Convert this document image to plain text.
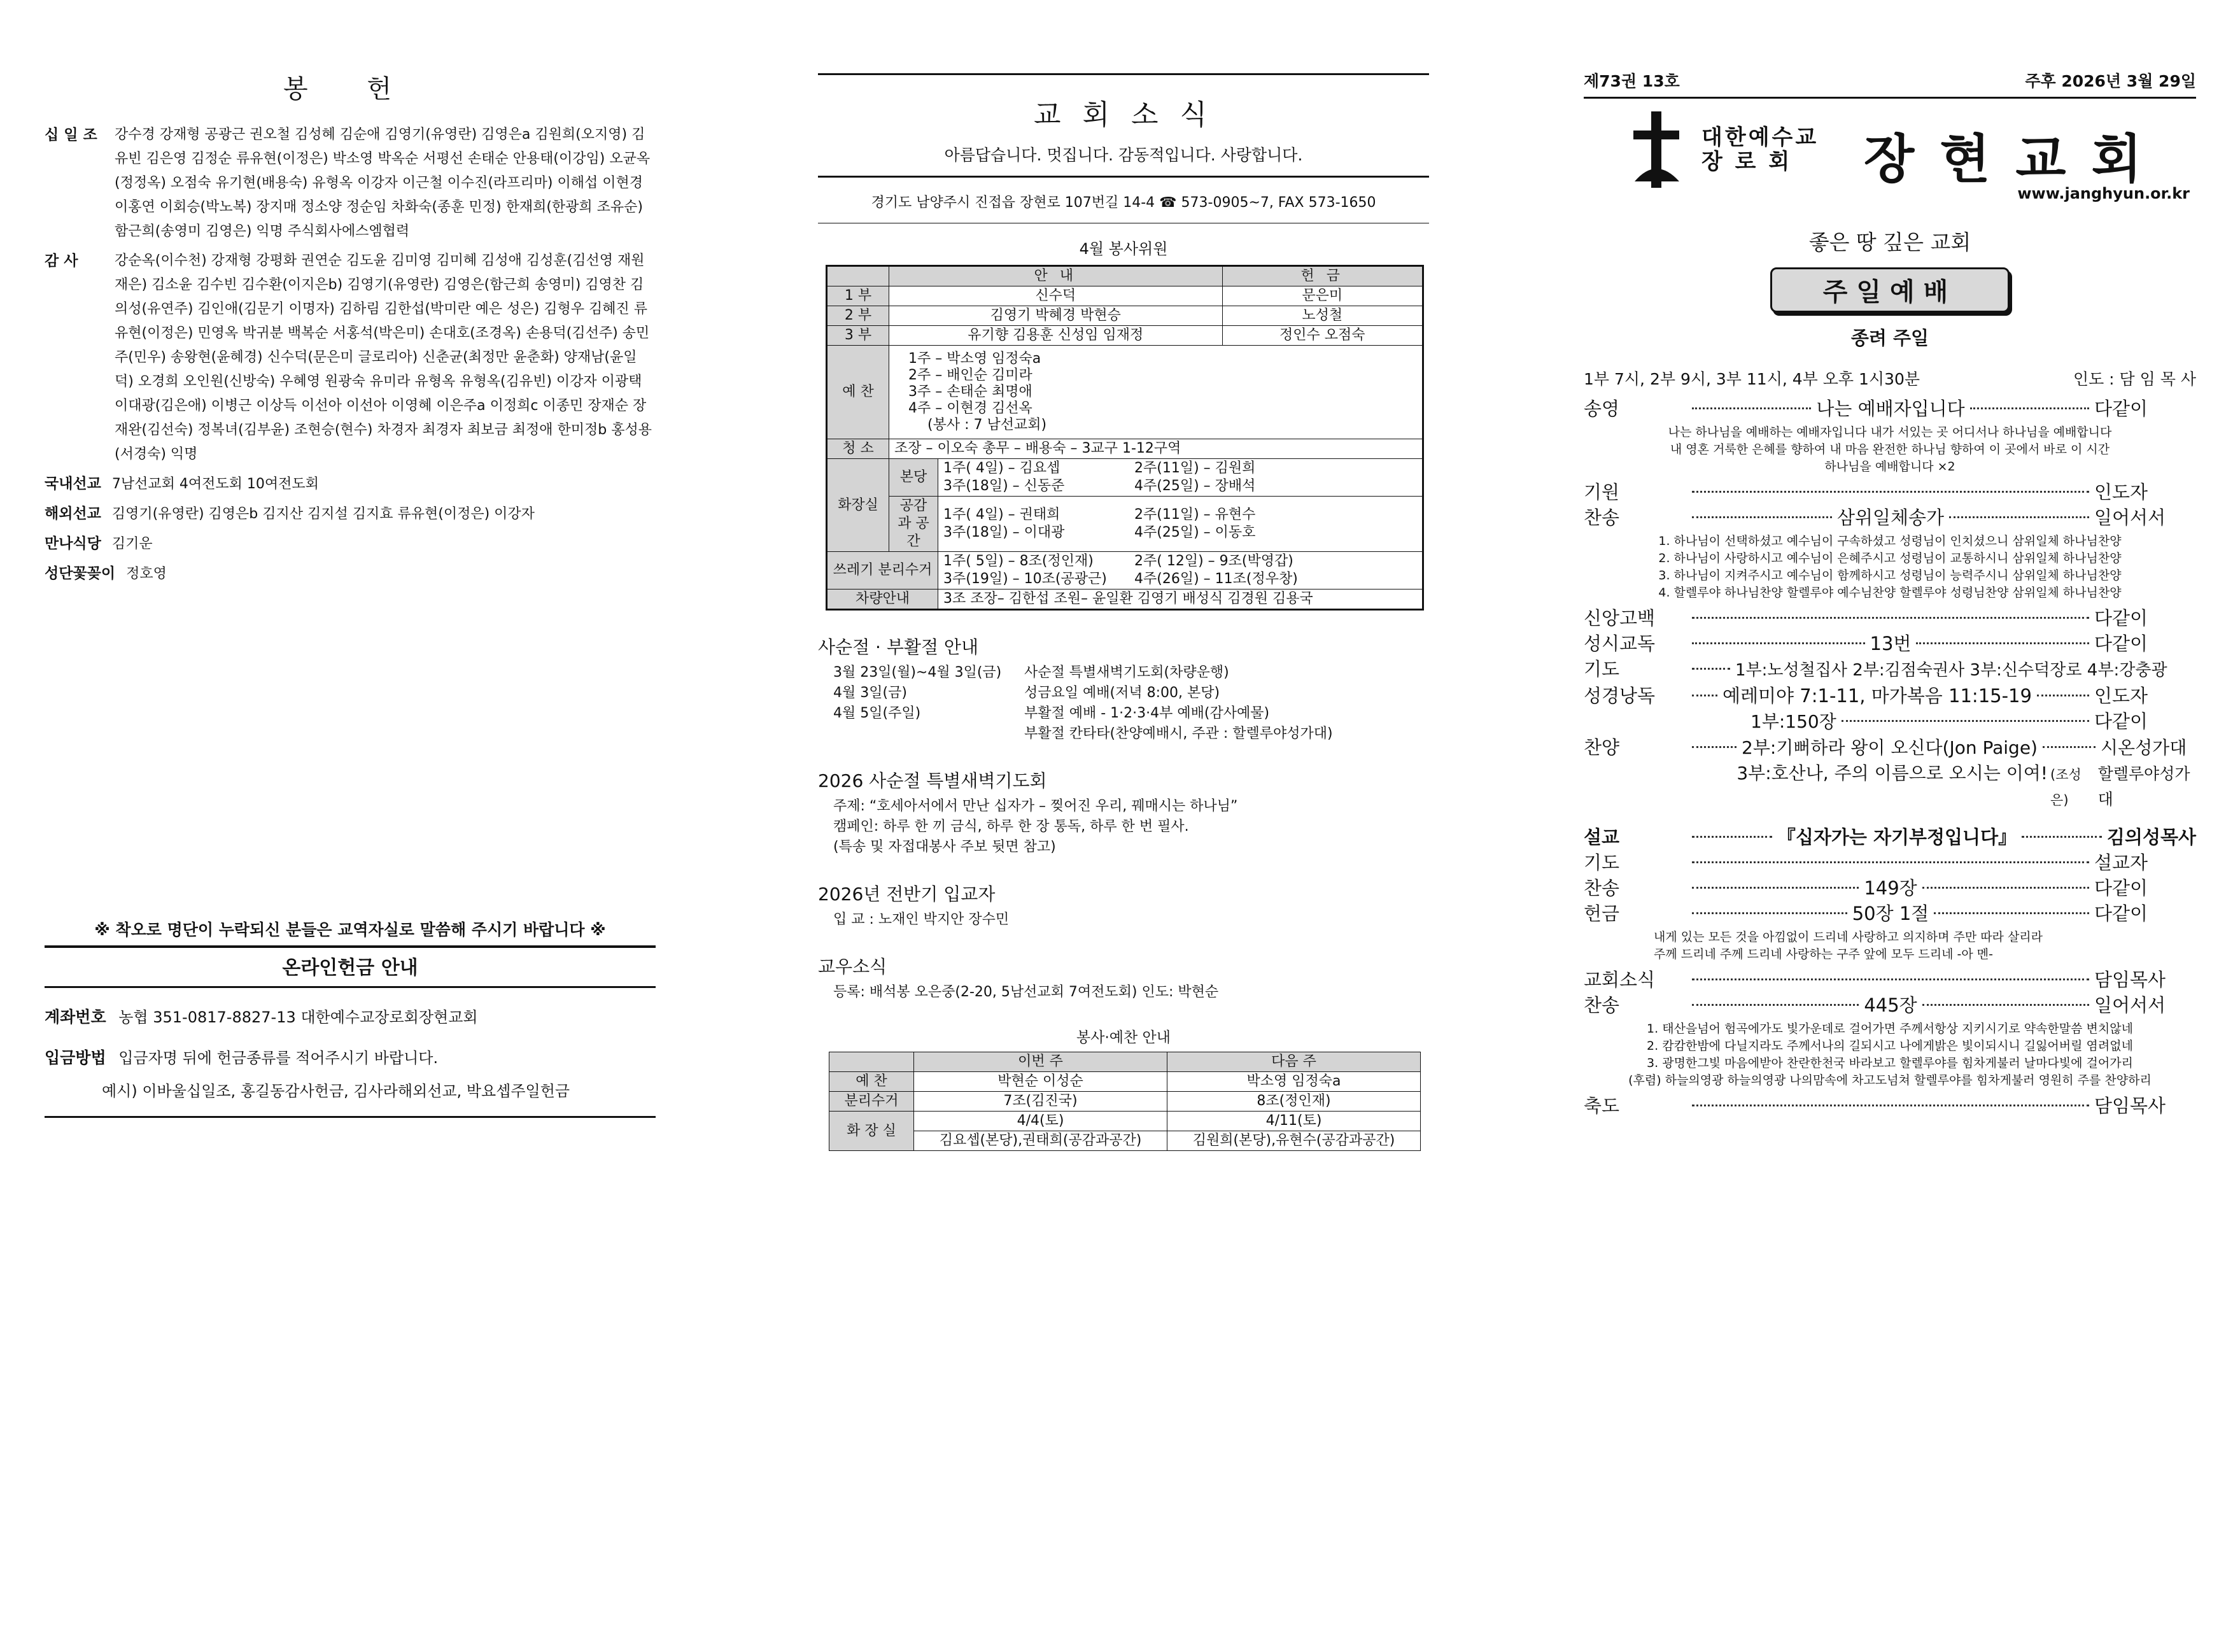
봉 헌
십 일 조 강수경 강재형 공광근 권오철 김성혜 김순애 김영기(유영란) 김영은a 김원희(오지영) 김유빈 김은영 김정순 류유현(이정은) 박소영 박옥순 서평선 손태순 안용태(이강임) 오균옥(정정옥) 오점숙 유기현(배용숙) 유형옥 이강자 이근철 이수진(라프리마) 이해섭 이현경 이홍연 이회승(박노복) 장지매 정소양 정순임 차화숙(종훈 민정) 한재희(한광희 조유순) 함근희(송영미 김영은) 익명 주식회사에스엠협력
감 사	강순옥(이수천) 강재형 강평화 권연순 김도윤 김미영 김미혜 김성애 김성훈(김선영 재원 재은) 김소윤 김수빈 김수환(이지은b) 김영기(유영란) 김영은(함근희 송영미) 김영찬 김의성(유연주) 김인애(김문기 이명자) 김하림 김한섭(박미란 예은 성은) 김형우 김혜진 류유현(이정은) 민영옥 박귀분 백복순 서홍석(박은미) 손대호(조경옥) 손용덕(김선주) 송민주(민우) 송왕현(윤혜경) 신수덕(문은미 글로리아) 신춘균(최정만 윤춘화) 양재남(윤일덕) 오경희 오인원(신방숙) 우혜영 원광숙 유미라 유형옥 유형옥(김유빈) 이강자 이광택 이대광(김은애) 이병근 이상득 이선아 이선아 이영혜 이은주a 이정희c 이종민 장재순 장재완(김선숙) 정복녀(김부윤) 조현승(현수) 차경자 최경자 최보금 최정애 한미정b 홍성용(서경숙) 익명
국내선교 7남선교회 4여전도회 10여전도회
해외선교 김영기(유영란) 김영은b 김지산 김지설 김지효 류유현(이정은) 이강자
만나식당 김기운
성단꽃꽂이 정호영
※ 착오로 명단이 누락되신 분들은 교역자실로 말씀해 주시기 바랍니다 ※
온라인헌금 안내
계좌번호 농협 351-0817-8827-13 대한예수교장로회장현교회
입금방법 입금자명 뒤에 헌금종류를 적어주시기 바랍니다.
예시) 이바울십일조, 홍길동감사헌금, 김사라해외선교, 박요셉주일헌금
교 회 소 식
아름답습니다. 멋집니다. 감동적입니다. 사랑합니다.
경기도 남양주시 진접읍 장현로 107번길 14-4 ☎ 573-0905~7, FAX 573-1650
4월 봉사위원
	안 내		헌 금
1 부	신수덕		문은미
2 부	김영기 박혜경 박현승		노성철
3 부	유기향 김용훈 신성임 임재정		정인수 오점숙
예 찬	1주 – 박소영 임정숙a
2주 – 배인순 김미라
3주 – 손태순 최명애
4주 – 이현경 김선옥
(봉사 : 7 남선교회)		

청 소	조장 – 이오숙 총무 – 배용숙 – 3교구 1-12구역		
화장실	본당	1주( 4일) – 김요셉 2주(11일) – 김원희
3주(18일) – 신동준 4주(25일) – 장배석	

	공감과 공간	1주( 4일) – 권태희 2주(11일) – 유현수
3주(18일) – 이대광 4주(25일) – 이동호	

쓰레기 분리수거		1주( 5일) – 8조(정인재) 2주( 12일) – 9조(박영갑)
3주(19일) – 10조(공광근) 4주(26일) – 11조(정우창)	

차량안내		3조 조장– 김한섭 조원– 윤일환 김영기 배성식 김경원 김용국	
사순절 · 부활절 안내
3월 23일(월)~4월 3일(금)	사순절 특별새벽기도회(차량운행)
4월 3일(금)	성금요일 예배(저녁 8:00, 본당)
4월 5일(주일)	부활절 예배 - 1·2·3·4부 예배(감사예물)
부활절 칸타타(찬양예배시, 주관 : 할렐루야성가대)
2026 사순절 특별새벽기도회
주제: “호세아서에서 만난 십자가 – 찢어진 우리, 꿰매시는 하나님”
캠페인: 하루 한 끼 금식, 하루 한 장 통독, 하루 한 번 필사.
(특송 및 자접대봉사 주보 뒷면 참고)
2026년 전반기 입교자
입 교 : 노재인 박지안 장수민
교우소식
등록: 배석봉 오은중(2-20, 5남선교회 7여전도회) 인도: 박현순
봉사·예찬 안내
	이번 주	다음 주
예 찬	박현순 이성순	박소영 임정숙a
분리수거	7조(김진국)	8조(정인재)
화 장 실	4/4(토)	4/11(토)
	김요셉(본당),권태희(공감과공간)	김원희(본당),유현수(공감과공간)
제73권 13호	주후 2026년 3월 29일
대한예수교
장 로 회	장현교회
www.janghyun.or.kr
좋은 땅 깊은 교회
주일예배
종려 주일
1부 7시, 2부 9시, 3부 11시, 4부 오후 1시30분	인도 : 담 임 목 사
송영	나는 예배자입니다	다같이
나는 하나님을 예배하는 예배자입니다 내가 서있는 곳 어디서나 하나님을 예배합니다
내 영혼 거룩한 은혜를 향하여 내 마음 완전한 하나님 향하여 이 곳에서 바로 이 시간
하나님을 예배합니다 ×2
기원	인도자
찬송	삼위일체송가	일어서서
1. 하나님이 선택하셨고 예수님이 구속하셨고 성령님이 인치셨으니 삼위일체 하나님찬양
2. 하나님이 사랑하시고 예수님이 은혜주시고 성령님이 교통하시니 삼위일체 하나님찬양
3. 하나님이 지켜주시고 예수님이 함께하시고 성령님이 능력주시니 삼위일체 하나님찬양
4. 할렐루야 하나님찬양 할렐루야 예수님찬양 할렐루야 성령님찬양 삼위일체 하나님찬양
신앙고백	다같이
성시교독	13번	다같이
기도	1부:노성철집사 2부:김점숙권사 3부:신수덕장로 4부:강충광
성경낭독	예레미야 7:1-11, 마가복음 11:15-19	인도자
1부:150장	다같이
찬양	2부:기뻐하라 왕이 오신다(Jon Paige)	시온성가대
3부:호산나, 주의 이름으로 오시는 이여! (조성은)
할렐루야성가대
설교	『십자가는 자기부정입니다』	김의성목사
기도	설교자
찬송	149장	다같이
헌금	50장 1절	다같이
내게 있는 모든 것을 아낌없이 드리네 사랑하고 의지하며 주만 따라 살리라
주께 드리네 주께 드리네 사랑하는 구주 앞에 모두 드리네 -아 멘-
교회소식	담임목사
찬송	445장	일어서서
1. 태산을넘어 험곡에가도 빛가운데로 걸어가면 주께서항상 지키시기로 약속한말씀 변치않네
2. 캄캄한밤에 다닐지라도 주께서나의 길되시고 나에게밝은 빛이되시니 길잃어버릴 염려없네
3. 광명한그빛 마음에받아 찬란한천국 바라보고 할렐루야를 힘차게불러 날마다빛에 걸어가리
(후렴) 하늘의영광 하늘의영광 나의맘속에 차고도넘쳐 할렐루야를 힘차게불러 영원히 주를 찬양하리
축도	담임목사
